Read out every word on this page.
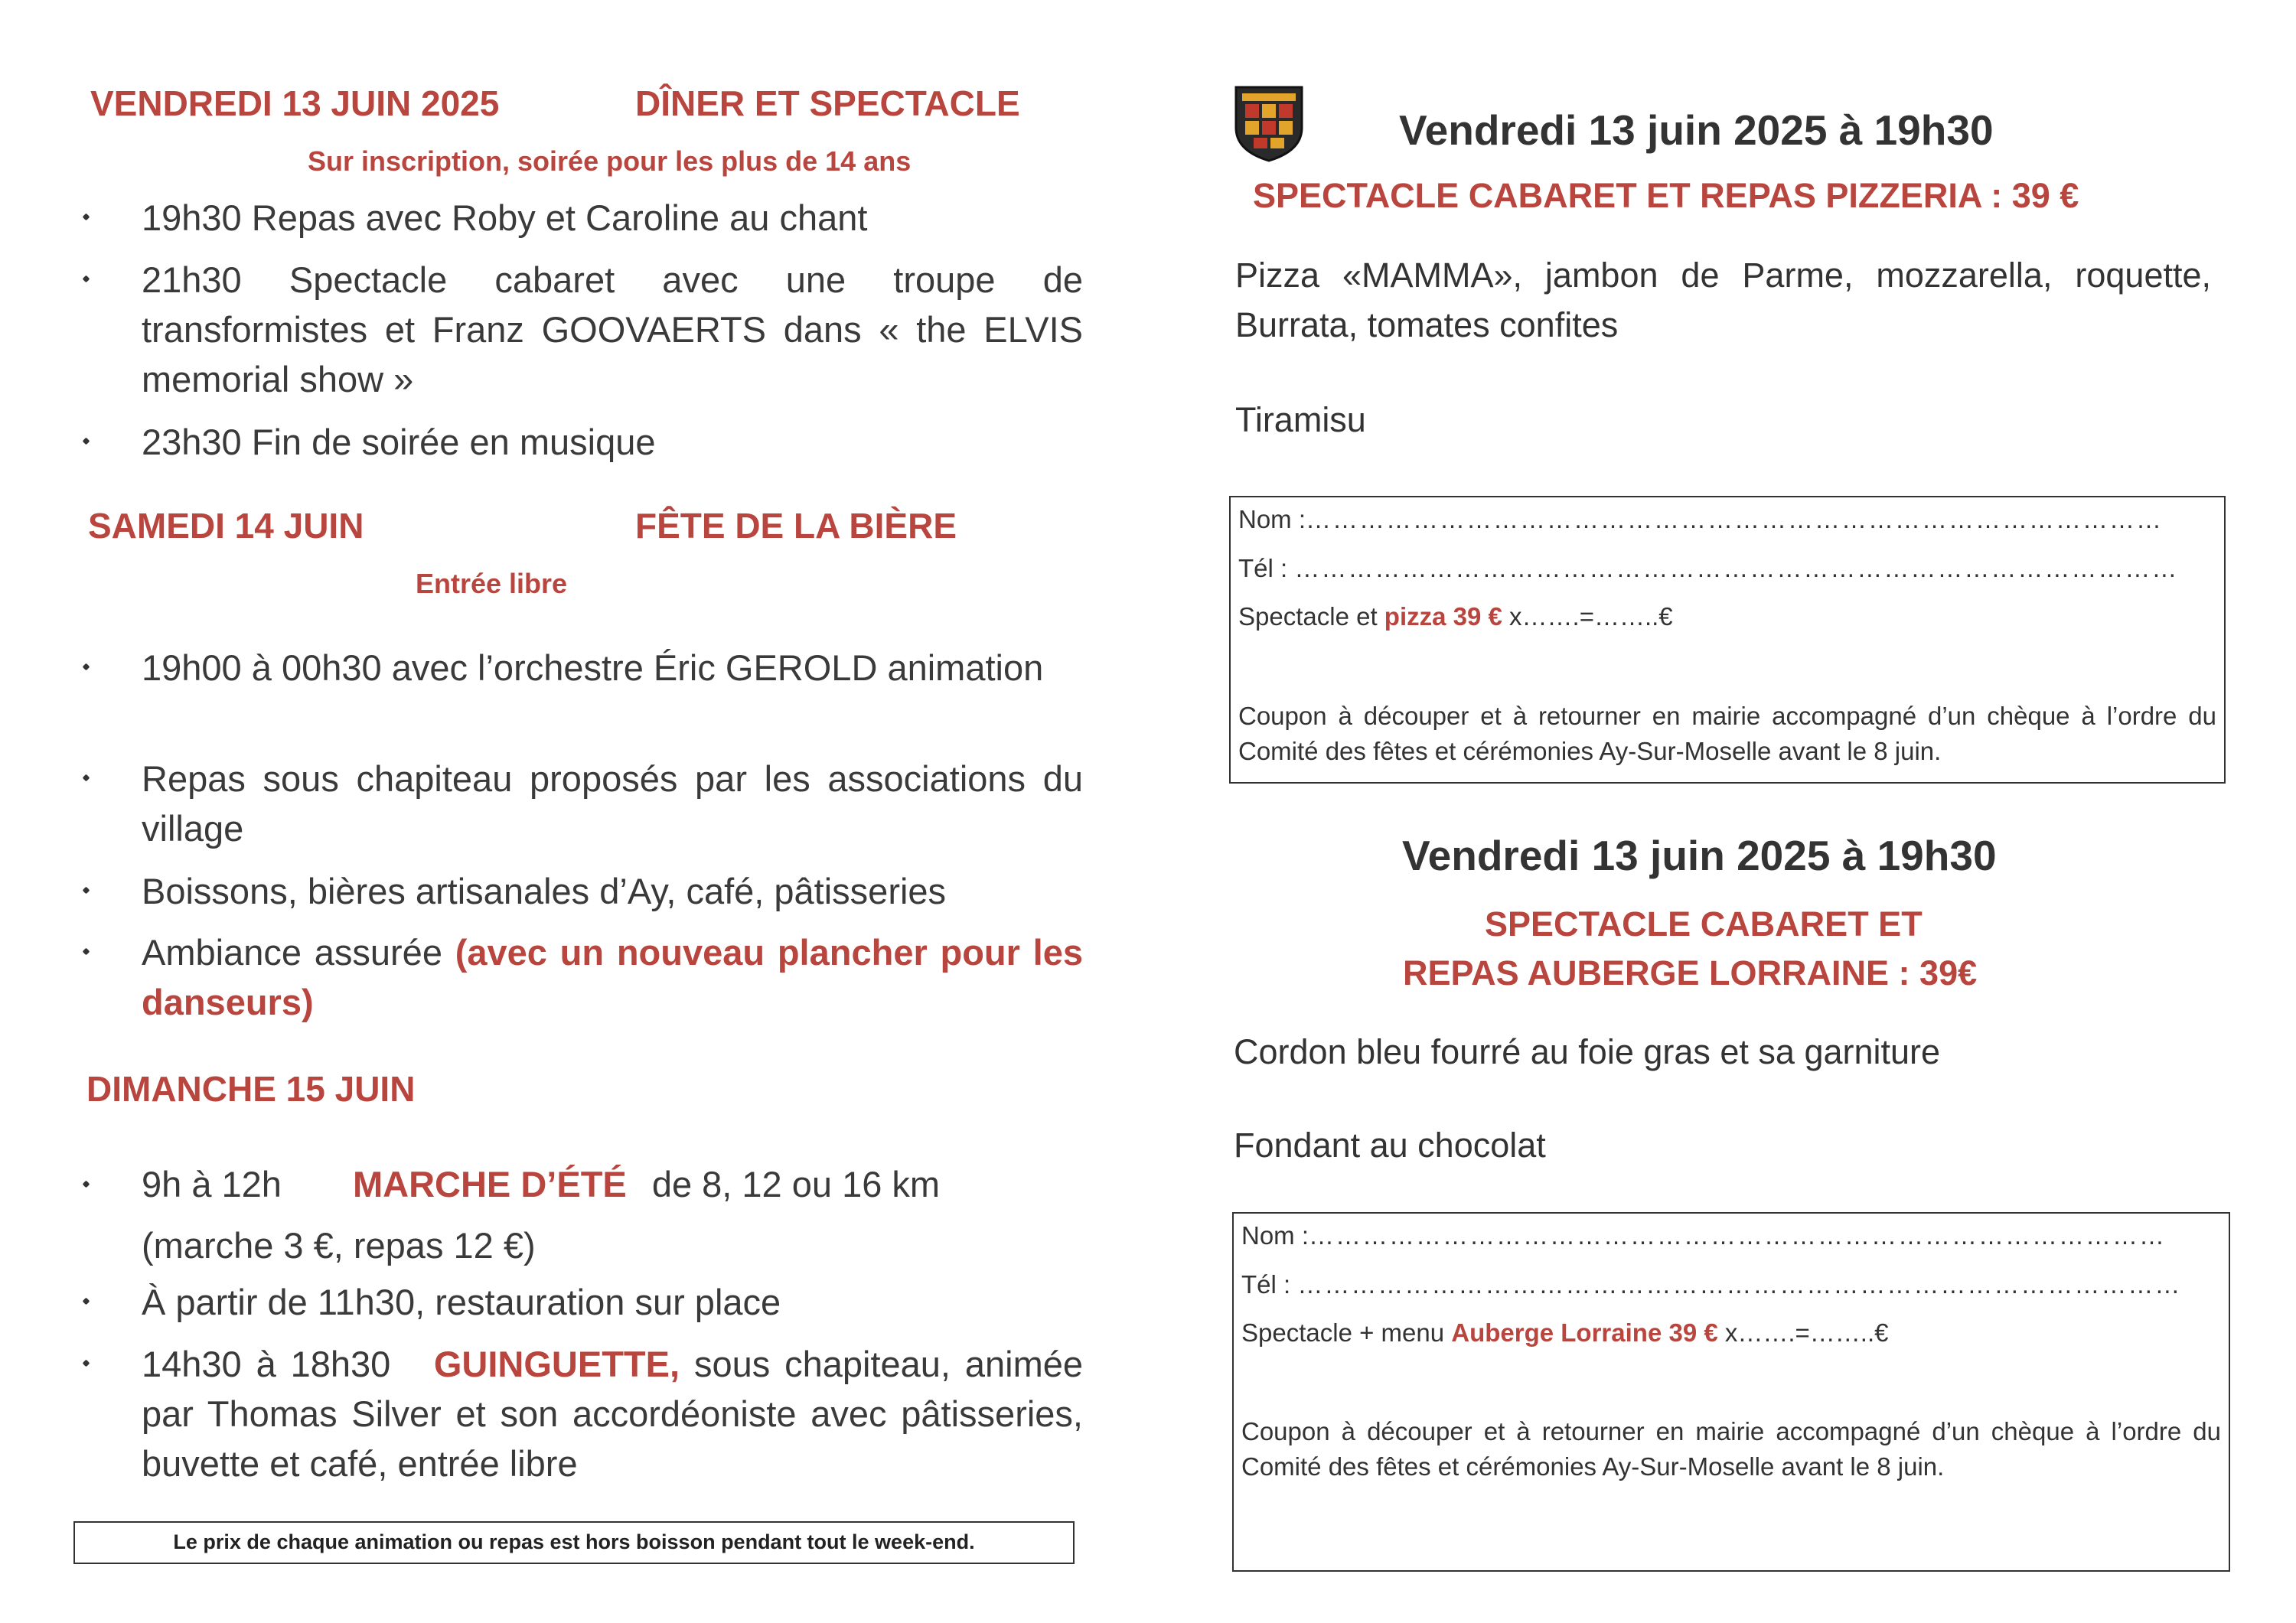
VENDREDI 13 JUIN 2025	DÎNER ET SPECTACLE
Sur inscription, soirée pour les plus de 14 ans
19h30 Repas avec Roby et Caroline au chant
21h30 Spectacle cabaret avec une troupe de transformistes et Franz GOOVAERTS dans « the ELVIS memorial show »
23h30 Fin de soirée en musique
SAMEDI 14 JUIN	FÊTE DE LA BIÈRE
Entrée libre
19h00 à 00h30 avec l’orchestre Éric GEROLD animation
Repas sous chapiteau proposés par les associations du village
Boissons, bières artisanales d’Ay, café, pâtisseries
Ambiance assurée (avec un nouveau plancher pour les danseurs)
DIMANCHE 15 JUIN
9h à 12h MARCHE D’ÉTÉ de 8, 12 ou 16 km
(marche 3 €, repas 12 €)
À partir de 11h30, restauration sur place
14h30 à 18h30 GUINGUETTE, sous chapiteau, animée par Thomas Silver et son accordéoniste avec pâtisseries, buvette et café, entrée libre
Le prix de chaque animation ou repas est hors boisson pendant tout le week-end.
Vendredi 13 juin 2025 à 19h30
SPECTACLE CABARET ET REPAS PIZZERIA : 39 €
Pizza «MAMMA», jambon de Parme, mozzarella, roquette, Burrata, tomates confites
Tiramisu
Nom :……………………………………………………………………………………
Tél : ………………………………………………………………………………………
Spectacle et pizza 39 € x…….=……..€
Coupon à découper et à retourner en mairie accompagné d’un chèque à l’ordre du Comité des fêtes et cérémonies Ay-Sur-Moselle avant le 8 juin.
Vendredi 13 juin 2025 à 19h30
SPECTACLE CABARET ET
REPAS AUBERGE LORRAINE : 39€
Cordon bleu fourré au foie gras et sa garniture
Fondant au chocolat
Nom :……………………………………………………………………………………
Tél : ………………………………………………………………………………………
Spectacle + menu Auberge Lorraine 39 € x…….=……..€
Coupon à découper et à retourner en mairie accompagné d’un chèque à l’ordre du Comité des fêtes et cérémonies Ay-Sur-Moselle avant le 8 juin.
